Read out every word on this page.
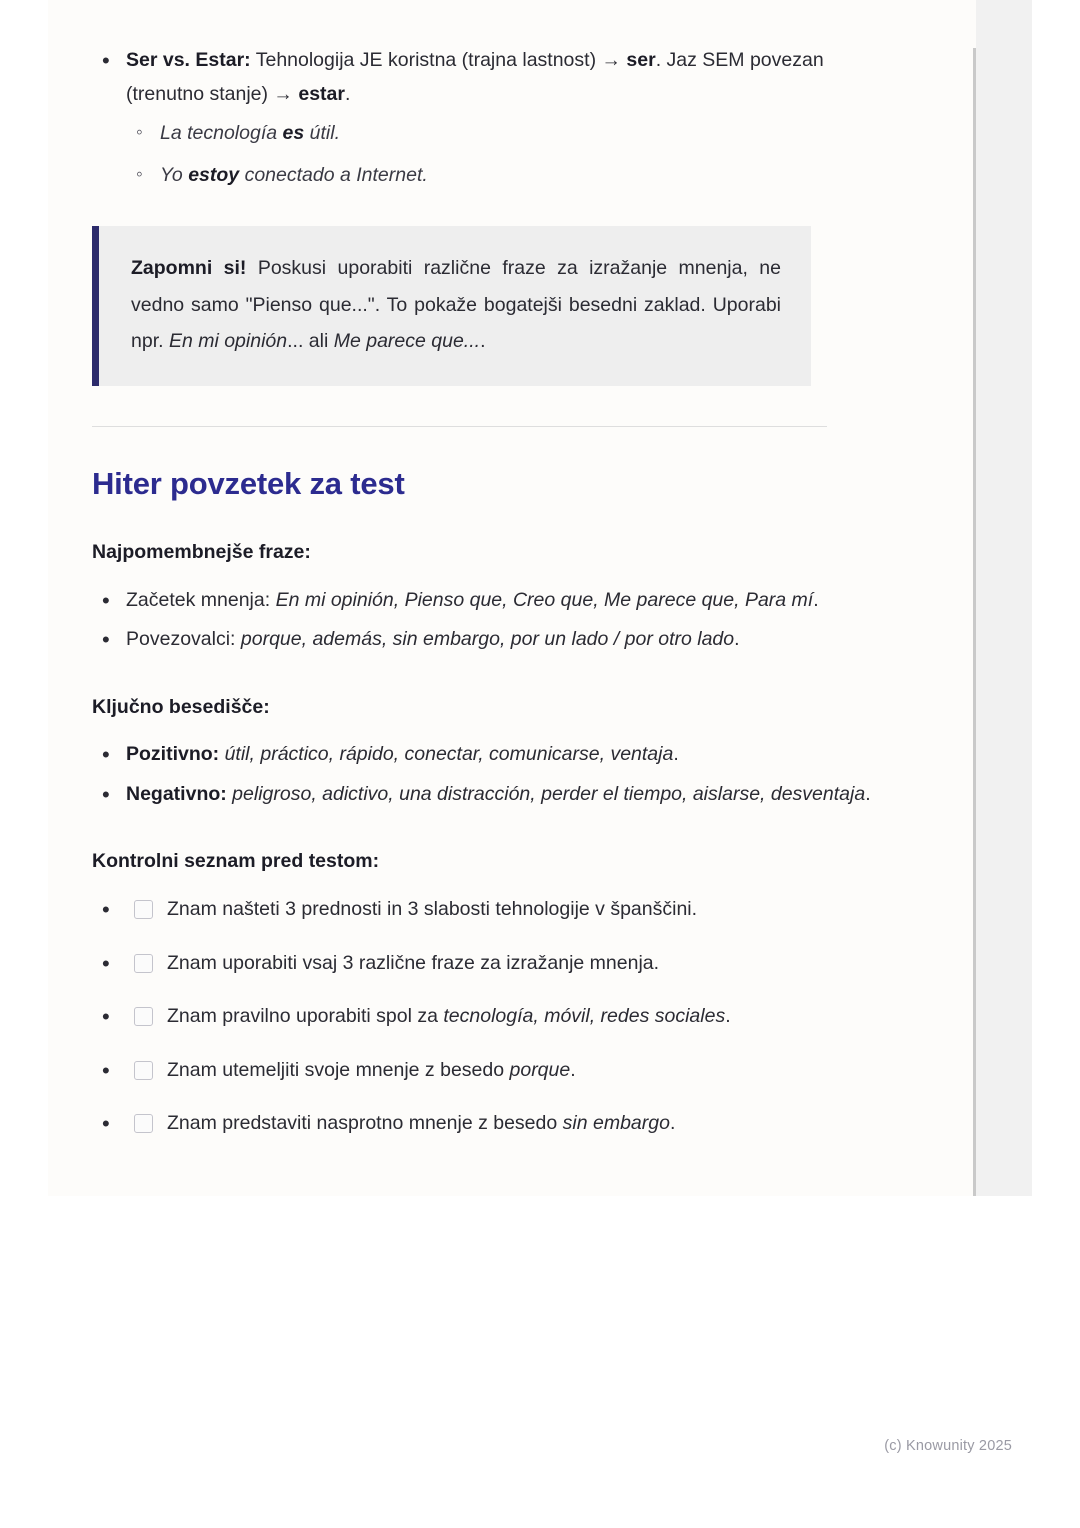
• Ser vs. Estar: Tehnologija JE koristna (trajna lastnost) → ser. Jaz SEM povezan (trenutno stanje) → estar.
◦ La tecnología es útil.
◦ Yo estoy conectado a Internet.
Zapomni si! Poskusi uporabiti različne fraze za izražanje mnenja, ne vedno samo "Pienso que...". To pokaže bogatejši besedni zaklad. Uporabi npr. En mi opinión... ali Me parece que....
Hiter povzetek za test
Najpomembnejše fraze:
• Začetek mnenja: En mi opinión, Pienso que, Creo que, Me parece que, Para mí.
• Povezovalci: porque, además, sin embargo, por un lado / por otro lado.
Ključno besedišče:
• Pozitivno: útil, práctico, rápido, conectar, comunicarse, ventaja.
• Negativno: peligroso, adictivo, una distracción, perder el tiempo, aislarse, desventaja.
Kontrolni seznam pred testom:
• Znam našteti 3 prednosti in 3 slabosti tehnologije v španščini.
• Znam uporabiti vsaj 3 različne fraze za izražanje mnenja.
• Znam pravilno uporabiti spol za tecnología, móvil, redes sociales.
• Znam utemeljiti svoje mnenje z besedo porque.
• Znam predstaviti nasprotno mnenje z besedo sin embargo.
(c) Knowunity 2025
